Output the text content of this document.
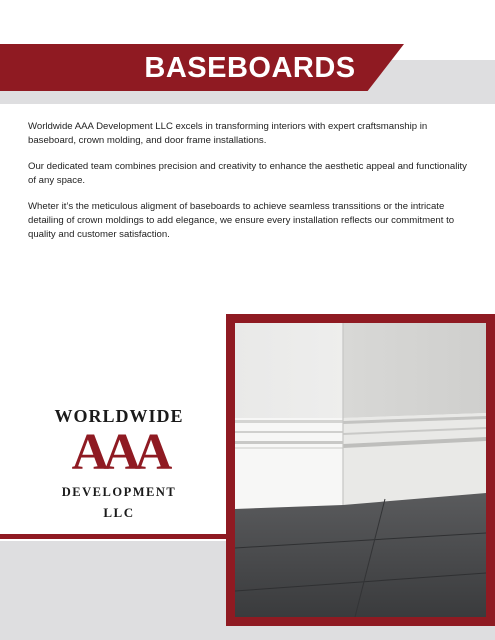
BASEBOARDS

Worldwide AAA Development LLC excels in transforming interiors with expert craftsmanship in baseboard, crown molding, and door frame installations.

Our dedicated team combines precision and creativity to enhance the aesthetic appeal and functionality of any space.

Wheter it’s the meticulous aligment of baseboards to achieve seamless transsitions or the intricate detailing of crown moldings to add elegance, we ensure every installation reflects our commitment to quality and customer satisfaction.

WORLDWIDE
AAA
DEVELOPMENT
LLC
